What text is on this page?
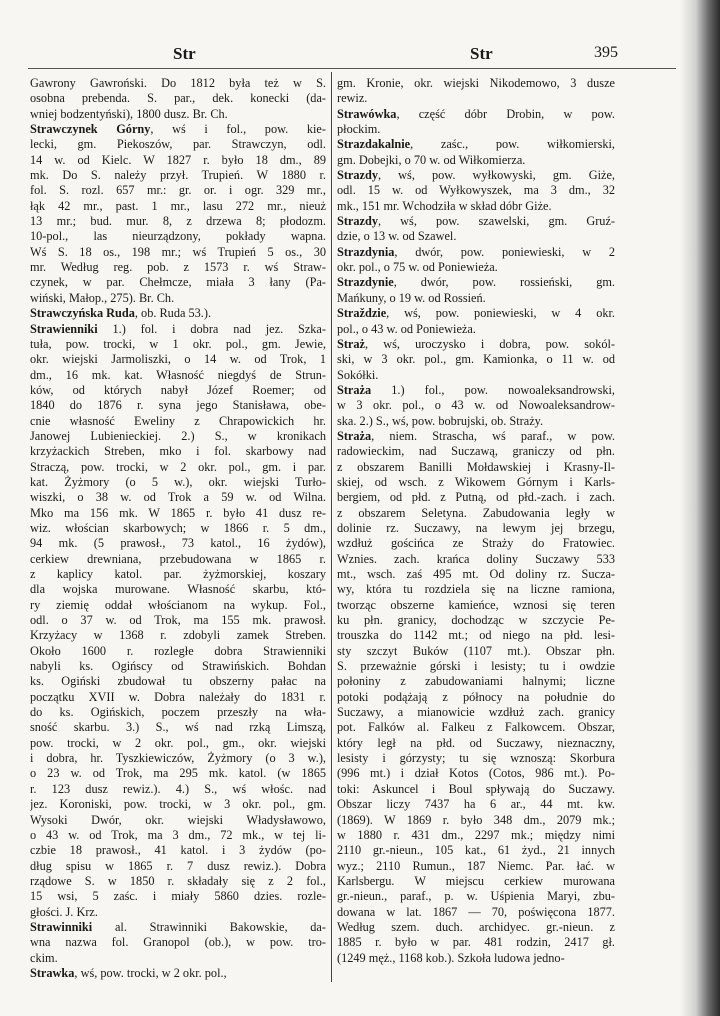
Str	Str	395
Gawrony Gawroński. Do 1812 była też w S.
osobna prebenda. S. par., dek. konecki (da-
wniej bodzentyński), 1800 dusz. Br. Ch.
Strawczynek Górny, wś i fol., pow. kie-
lecki, gm. Piekoszów, par. Strawczyn, odl.
14 w. od Kielc. W 1827 r. było 18 dm., 89
mk. Do S. należy przył. Trupień. W 1880 r.
fol. S. rozl. 657 mr.: gr. or. i ogr. 329 mr.,
łąk 42 mr., past. 1 mr., lasu 272 mr., nieuż
13 mr.; bud. mur. 8, z drzewa 8; płodozm.
10-pol., las nieurządzony, pokłady wapna.
Wś S. 18 os., 198 mr.; wś Trupień 5 os., 30
mr. Według reg. pob. z 1573 r. wś Straw-
czynek, w par. Chełmcze, miała 3 łany (Pa-
wiński, Małop., 275). Br. Ch.
Strawczyńska Ruda, ob. Ruda 53.).
Strawienniki 1.) fol. i dobra nad jez. Szka-
tuła, pow. trocki, w 1 okr. pol., gm. Jewie,
okr. wiejski Jarmoliszki, o 14 w. od Trok, 1
dm., 16 mk. kat. Własność niegdyś de Strun-
ków, od których nabył Józef Roemer; od
1840 do 1876 r. syna jego Stanisława, obe-
cnie własność Eweliny z Chrapowickich hr.
Janowej Lubienieckiej. 2.) S., w kronikach
krzyżackich Streben, mko i fol. skarbowy nad
Straczą, pow. trocki, w 2 okr. pol., gm. i par.
kat. Żyżmory (o 5 w.), okr. wiejski Turło-
wiszki, o 38 w. od Trok a 59 w. od Wilna.
Mko ma 156 mk. W 1865 r. było 41 dusz re-
wiz. włościan skarbowych; w 1866 r. 5 dm.,
94 mk. (5 prawosł., 73 katol., 16 żydów),
cerkiew drewniana, przebudowana w 1865 r.
z kaplicy katol. par. żyżmorskiej, koszary
dla wojska murowane. Własność skarbu, któ-
ry ziemię oddał włościanom na wykup. Fol.,
odl. o 37 w. od Trok, ma 155 mk. prawosł.
Krzyżacy w 1368 r. zdobyli zamek Streben.
Około 1600 r. rozległe dobra Strawienniki
nabyli ks. Ogińscy od Strawińskich. Bohdan
ks. Ogiński zbudował tu obszerny pałac na
początku XVII w. Dobra należały do 1831 r.
do ks. Ogińskich, poczem przeszły na wła-
sność skarbu. 3.) S., wś nad rzką Limszą,
pow. trocki, w 2 okr. pol., gm., okr. wiejski
i dobra, hr. Tyszkiewiczów, Żyżmory (o 3 w.),
o 23 w. od Trok, ma 295 mk. katol. (w 1865
r. 123 dusz rewiz.). 4.) S., wś włośc. nad
jez. Koroniski, pow. trocki, w 3 okr. pol., gm.
Wysoki Dwór, okr. wiejski Władysławowo,
o 43 w. od Trok, ma 3 dm., 72 mk., w tej li-
czbie 18 prawosł., 41 katol. i 3 żydów (po-
dług spisu w 1865 r. 7 dusz rewiz.). Dobra
rządowe S. w 1850 r. składały się z 2 fol.,
15 wsi, 5 zaśc. i miały 5860 dzies. rozle-
głości. J. Krz.
Strawinniki al. Strawinniki Bakowskie, da-
wna nazwa fol. Granopol (ob.), w pow. tro-
ckim.
Strawka, wś, pow. trocki, w 2 okr. pol.,
gm. Kronie, okr. wiejski Nikodemowo, 3 dusze
rewiz.
Strawówka, część dóbr Drobin, w pow.
płockim.
Strazdakalnie, zaśc., pow. wiłkomierski,
gm. Dobejki, o 70 w. od Wiłkomierza.
Strazdy, wś, pow. wyłkowyski, gm. Giże,
odl. 15 w. od Wyłkowyszek, ma 3 dm., 32
mk., 151 mr. Wchodziła w skład dóbr Giże.
Strazdy, wś, pow. szawelski, gm. Gruź-
dzie, o 13 w. od Szawel.
Strazdynia, dwór, pow. poniewieski, w 2
okr. pol., o 75 w. od Poniewieża.
Strazdynie, dwór, pow. rossieński, gm.
Mańkuny, o 19 w. od Rossień.
Straždzie, wś, pow. poniewieski, w 4 okr.
pol., o 43 w. od Poniewieża.
Straż, wś, uroczysko i dobra, pow. sokól-
ski, w 3 okr. pol., gm. Kamionka, o 11 w. od
Sokółki.
Straża 1.) fol., pow. nowoaleksandrowski,
w 3 okr. pol., o 43 w. od Nowoaleksandrow-
ska. 2.) S., wś, pow. bobrujski, ob. Straży.
Straża, niem. Strascha, wś paraf., w pow.
radowieckim, nad Suczawą, graniczy od płn.
z obszarem Banilli Mołdawskiej i Krasny-Il-
skiej, od wsch. z Wikowem Górnym i Karls-
bergiem, od płd. z Putną, od płd.-zach. i zach.
z obszarem Seletyna. Zabudowania legły w
dolinie rz. Suczawy, na lewym jej brzegu,
wzdłuż gościńca ze Straży do Fratowiec.
Wznies. zach. krańca doliny Suczawy 533
mt., wsch. zaś 495 mt. Od doliny rz. Sucza-
wy, która tu rozdziela się na liczne ramiona,
tworząc obszerne kamieńce, wznosi się teren
ku płn. granicy, dochodząc w szczycie Pe-
trouszka do 1142 mt.; od niego na płd. lesi-
sty szczyt Buków (1107 mt.). Obszar płn.
S. przeważnie górski i lesisty; tu i owdzie
połoniny z zabudowaniami halnymi; liczne
potoki podążają z północy na południe do
Suczawy, a mianowicie wzdłuż zach. granicy
pot. Falków al. Falkeu z Falkowcem. Obszar,
który legł na płd. od Suczawy, nieznaczny,
lesisty i górzysty; tu się wznoszą: Skorbura
(996 mt.) i dział Kotos (Cotos, 986 mt.). Po-
toki: Askuncel i Boul spływają do Suczawy.
Obszar liczy 7437 ha 6 ar., 44 mt. kw.
(1869). W 1869 r. było 348 dm., 2079 mk.;
w 1880 r. 431 dm., 2297 mk.; między nimi
2110 gr.-nieun., 105 kat., 61 żyd., 21 innych
wyz.; 2110 Rumun., 187 Niemc. Par. łać. w
Karlsbergu. W miejscu cerkiew murowana
gr.-nieun., paraf., p. w. Uśpienia Maryi, zbu-
dowana w lat. 1867 — 70, poświęcona 1877.
Według szem. duch. archidyec. gr.-nieun. z
1885 r. było w par. 481 rodzin, 2417 gł.
(1249 męż., 1168 kob.). Szkoła ludowa jedno-
